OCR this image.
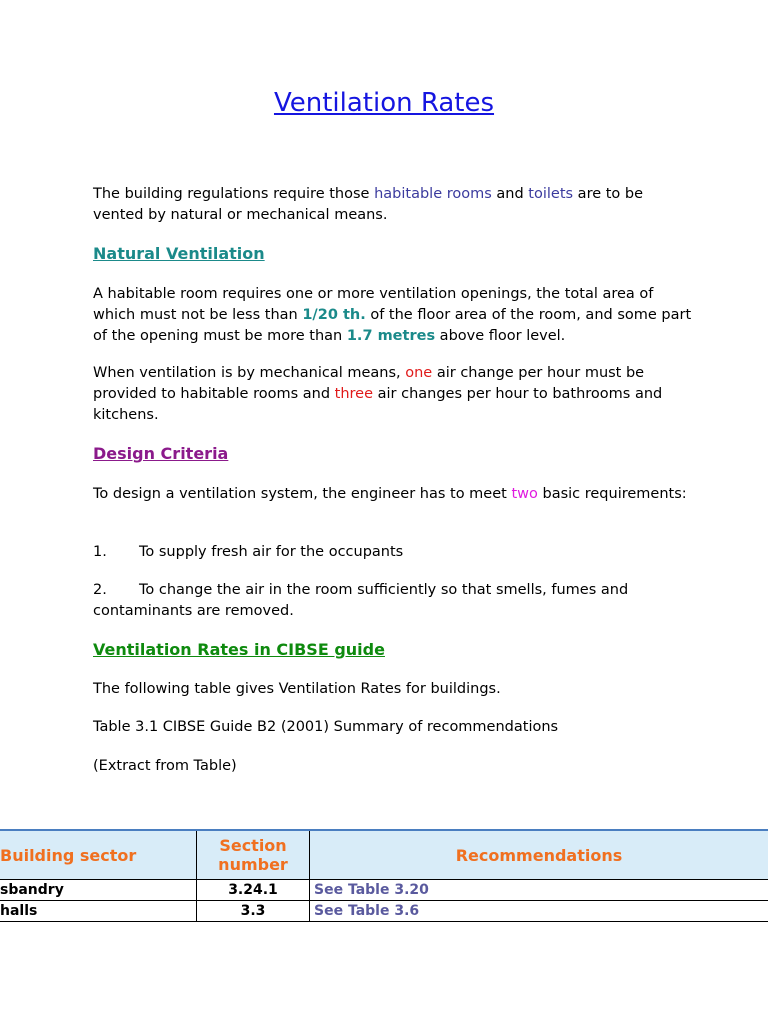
Ventilation Rates

The building regulations require those habitable rooms and toilets are to be vented by natural or mechanical means.

Natural Ventilation

A habitable room requires one or more ventilation openings, the total area of which must not be less than 1/20 th. of the floor area of the room, and some part of the opening must be more than 1.7 metres above floor level.

When ventilation is by mechanical means, one air change per hour must be provided to habitable rooms and three air changes per hour to bathrooms and kitchens.

Design Criteria

To design a ventilation system, the engineer has to meet two basic requirements:

1. To supply fresh air for the occupants

2. To change the air in the room sufficiently so that smells, fumes and contaminants are removed.

Ventilation Rates in CIBSE guide

The following table gives Ventilation Rates for buildings.

Table 3.1 CIBSE Guide B2 (2001) Summary of recommendations

(Extract from Table)

Building sector	Section number	Recommendations
sbandry	3.24.1	See Table 3.20
halls	3.3	See Table 3.6
